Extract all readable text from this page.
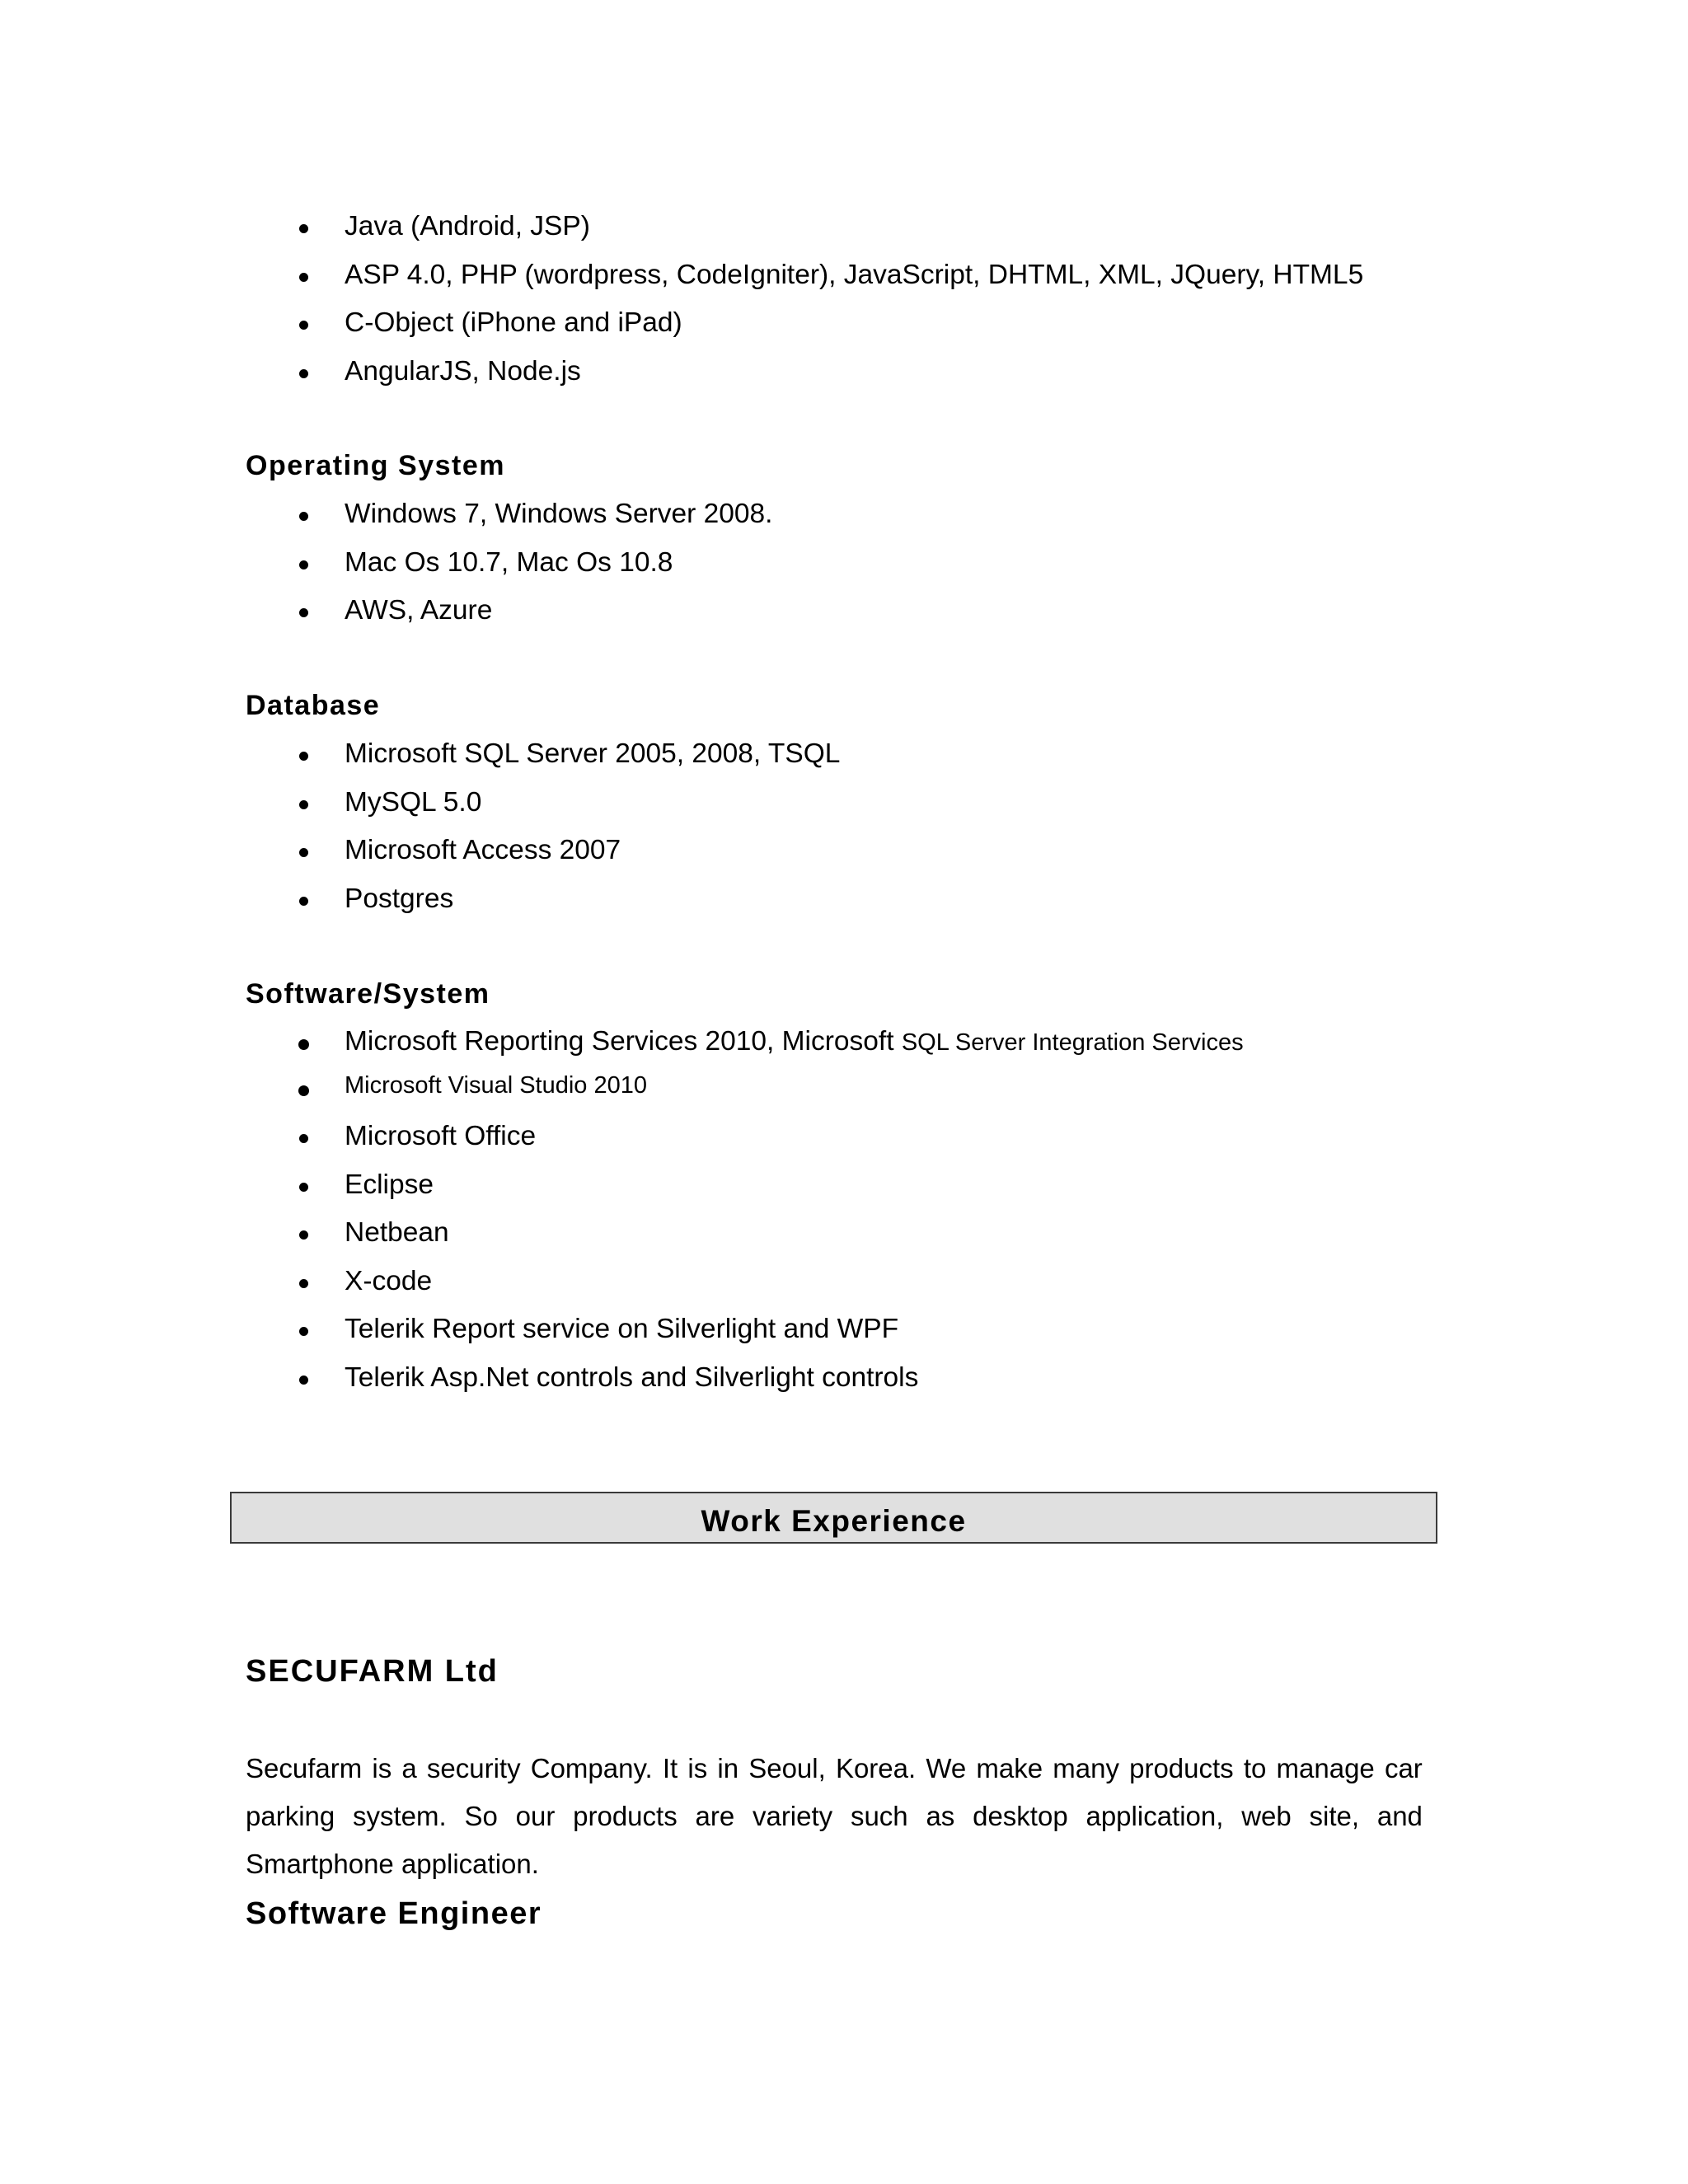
Java (Android, JSP)
ASP 4.0, PHP (wordpress, CodeIgniter), JavaScript, DHTML, XML, JQuery, HTML5
C-Object (iPhone and iPad)
AngularJS, Node.js
Operating System
Windows 7, Windows Server 2008.
Mac Os 10.7, Mac Os 10.8
AWS, Azure
Database
Microsoft SQL Server 2005, 2008, TSQL
MySQL 5.0
Microsoft Access 2007
Postgres
Software/System
Microsoft Reporting Services 2010, Microsoft SQL Server Integration Services
Microsoft Visual Studio 2010
Microsoft Office
Eclipse
Netbean
X-code
Telerik Report service on Silverlight and WPF
Telerik Asp.Net controls and Silverlight controls
Work Experience
SECUFARM Ltd
Secufarm is a security Company. It is in Seoul, Korea. We make many products to manage car
parking system. So our products are variety such as desktop application, web site, and
Smartphone application.
Software Engineer
